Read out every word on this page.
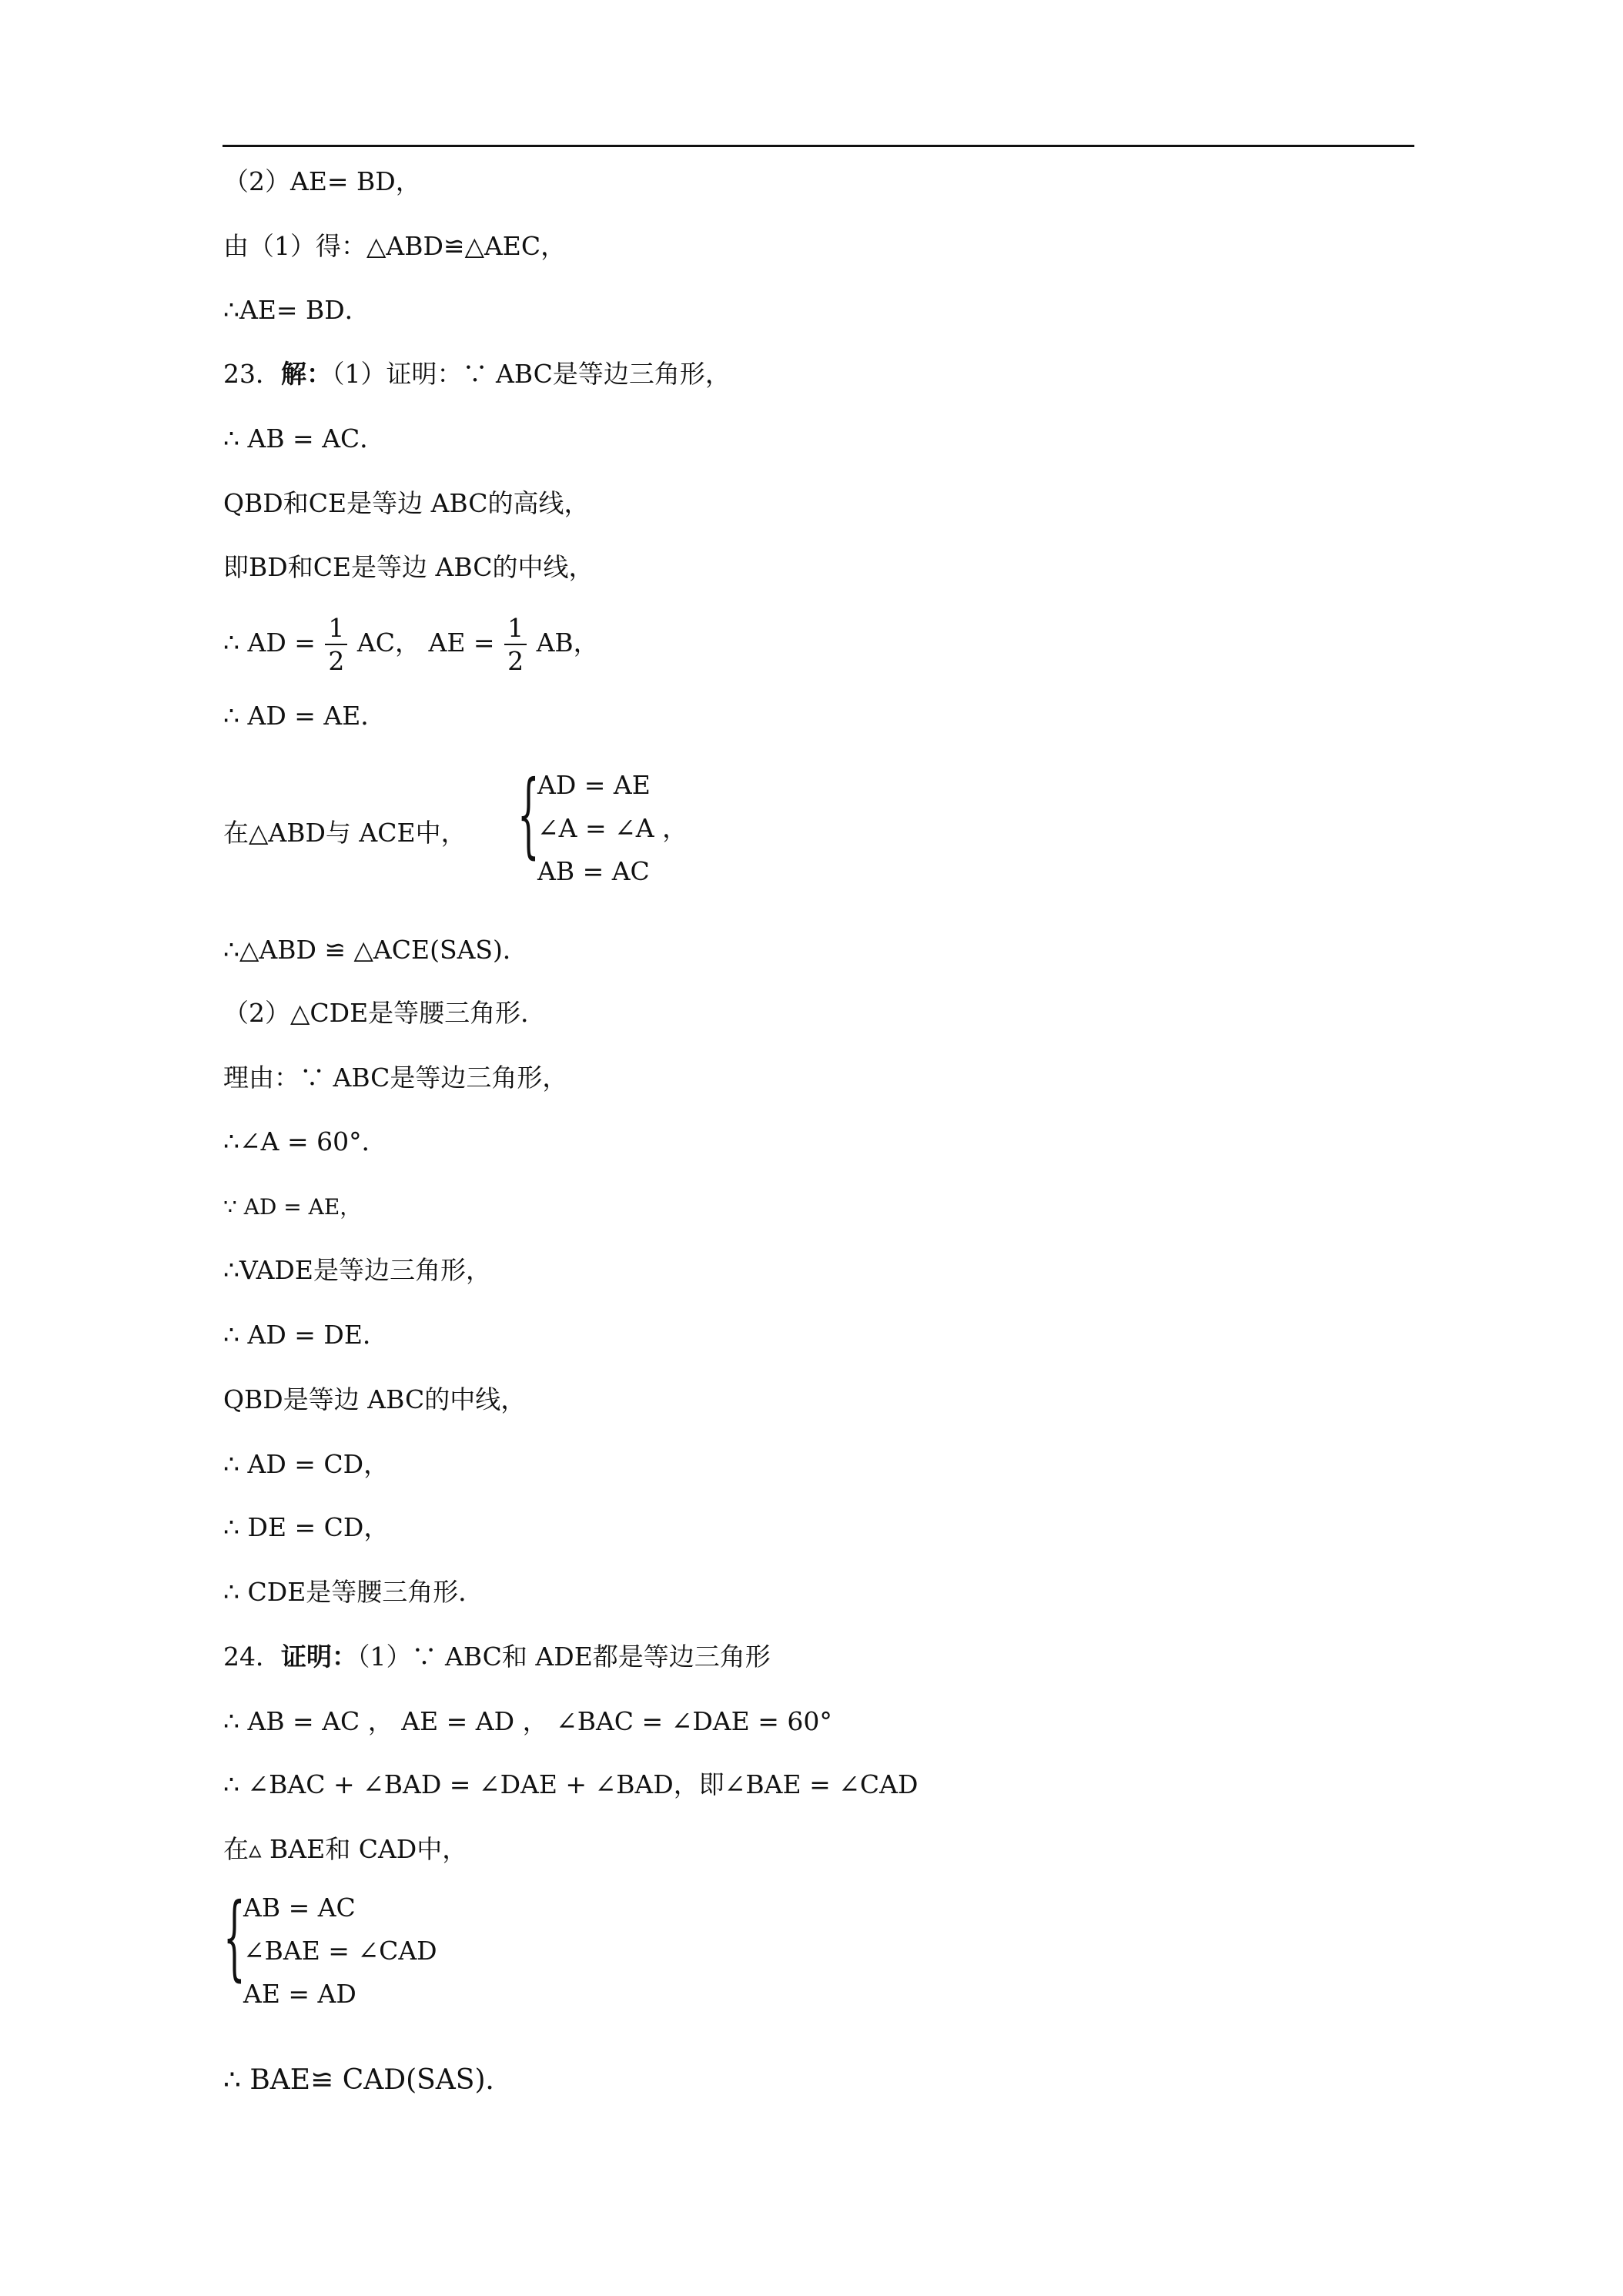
（2）AE= BD，
由（1）得：△ABD≌△AEC，
∴AE= BD．
23．解：（1）证明：∵ ABC是等边三角形，
∴ AB = AC．
QBD和CE是等边 ABC的高线，
即BD和CE是等边 ABC的中线，
∴ AD = $\frac{1}{2}$ AC， AE = $\frac{1}{2}$ AB，
∴ AD = AE．
在△ABD与 ACE中， {
AD = AE
∠A = ∠A ，
AB = AC
∴△ABD ≌ △ACE(SAS)．
（2）△CDE是等腰三角形．
理由：∵ ABC是等边三角形，
∴∠A = 60°．
∵ AD = AE，
∴VADE是等边三角形，
∴ AD = DE．
QBD是等边 ABC的中线，
∴ AD = CD，
∴ DE = CD，
∴ CDE是等腰三角形．
24．证明：（1）∵ ABC和 ADE都是等边三角形
∴ AB = AC ， AE = AD ， ∠BAC = ∠DAE = 60°
∴ ∠BAC + ∠BAD = ∠DAE + ∠BAD，即∠BAE = ∠CAD
在▵ BAE和 CAD中，
{
AB = AC
∠BAE = ∠CAD
AE = AD
∴ BAE≌ CAD(SAS)．
